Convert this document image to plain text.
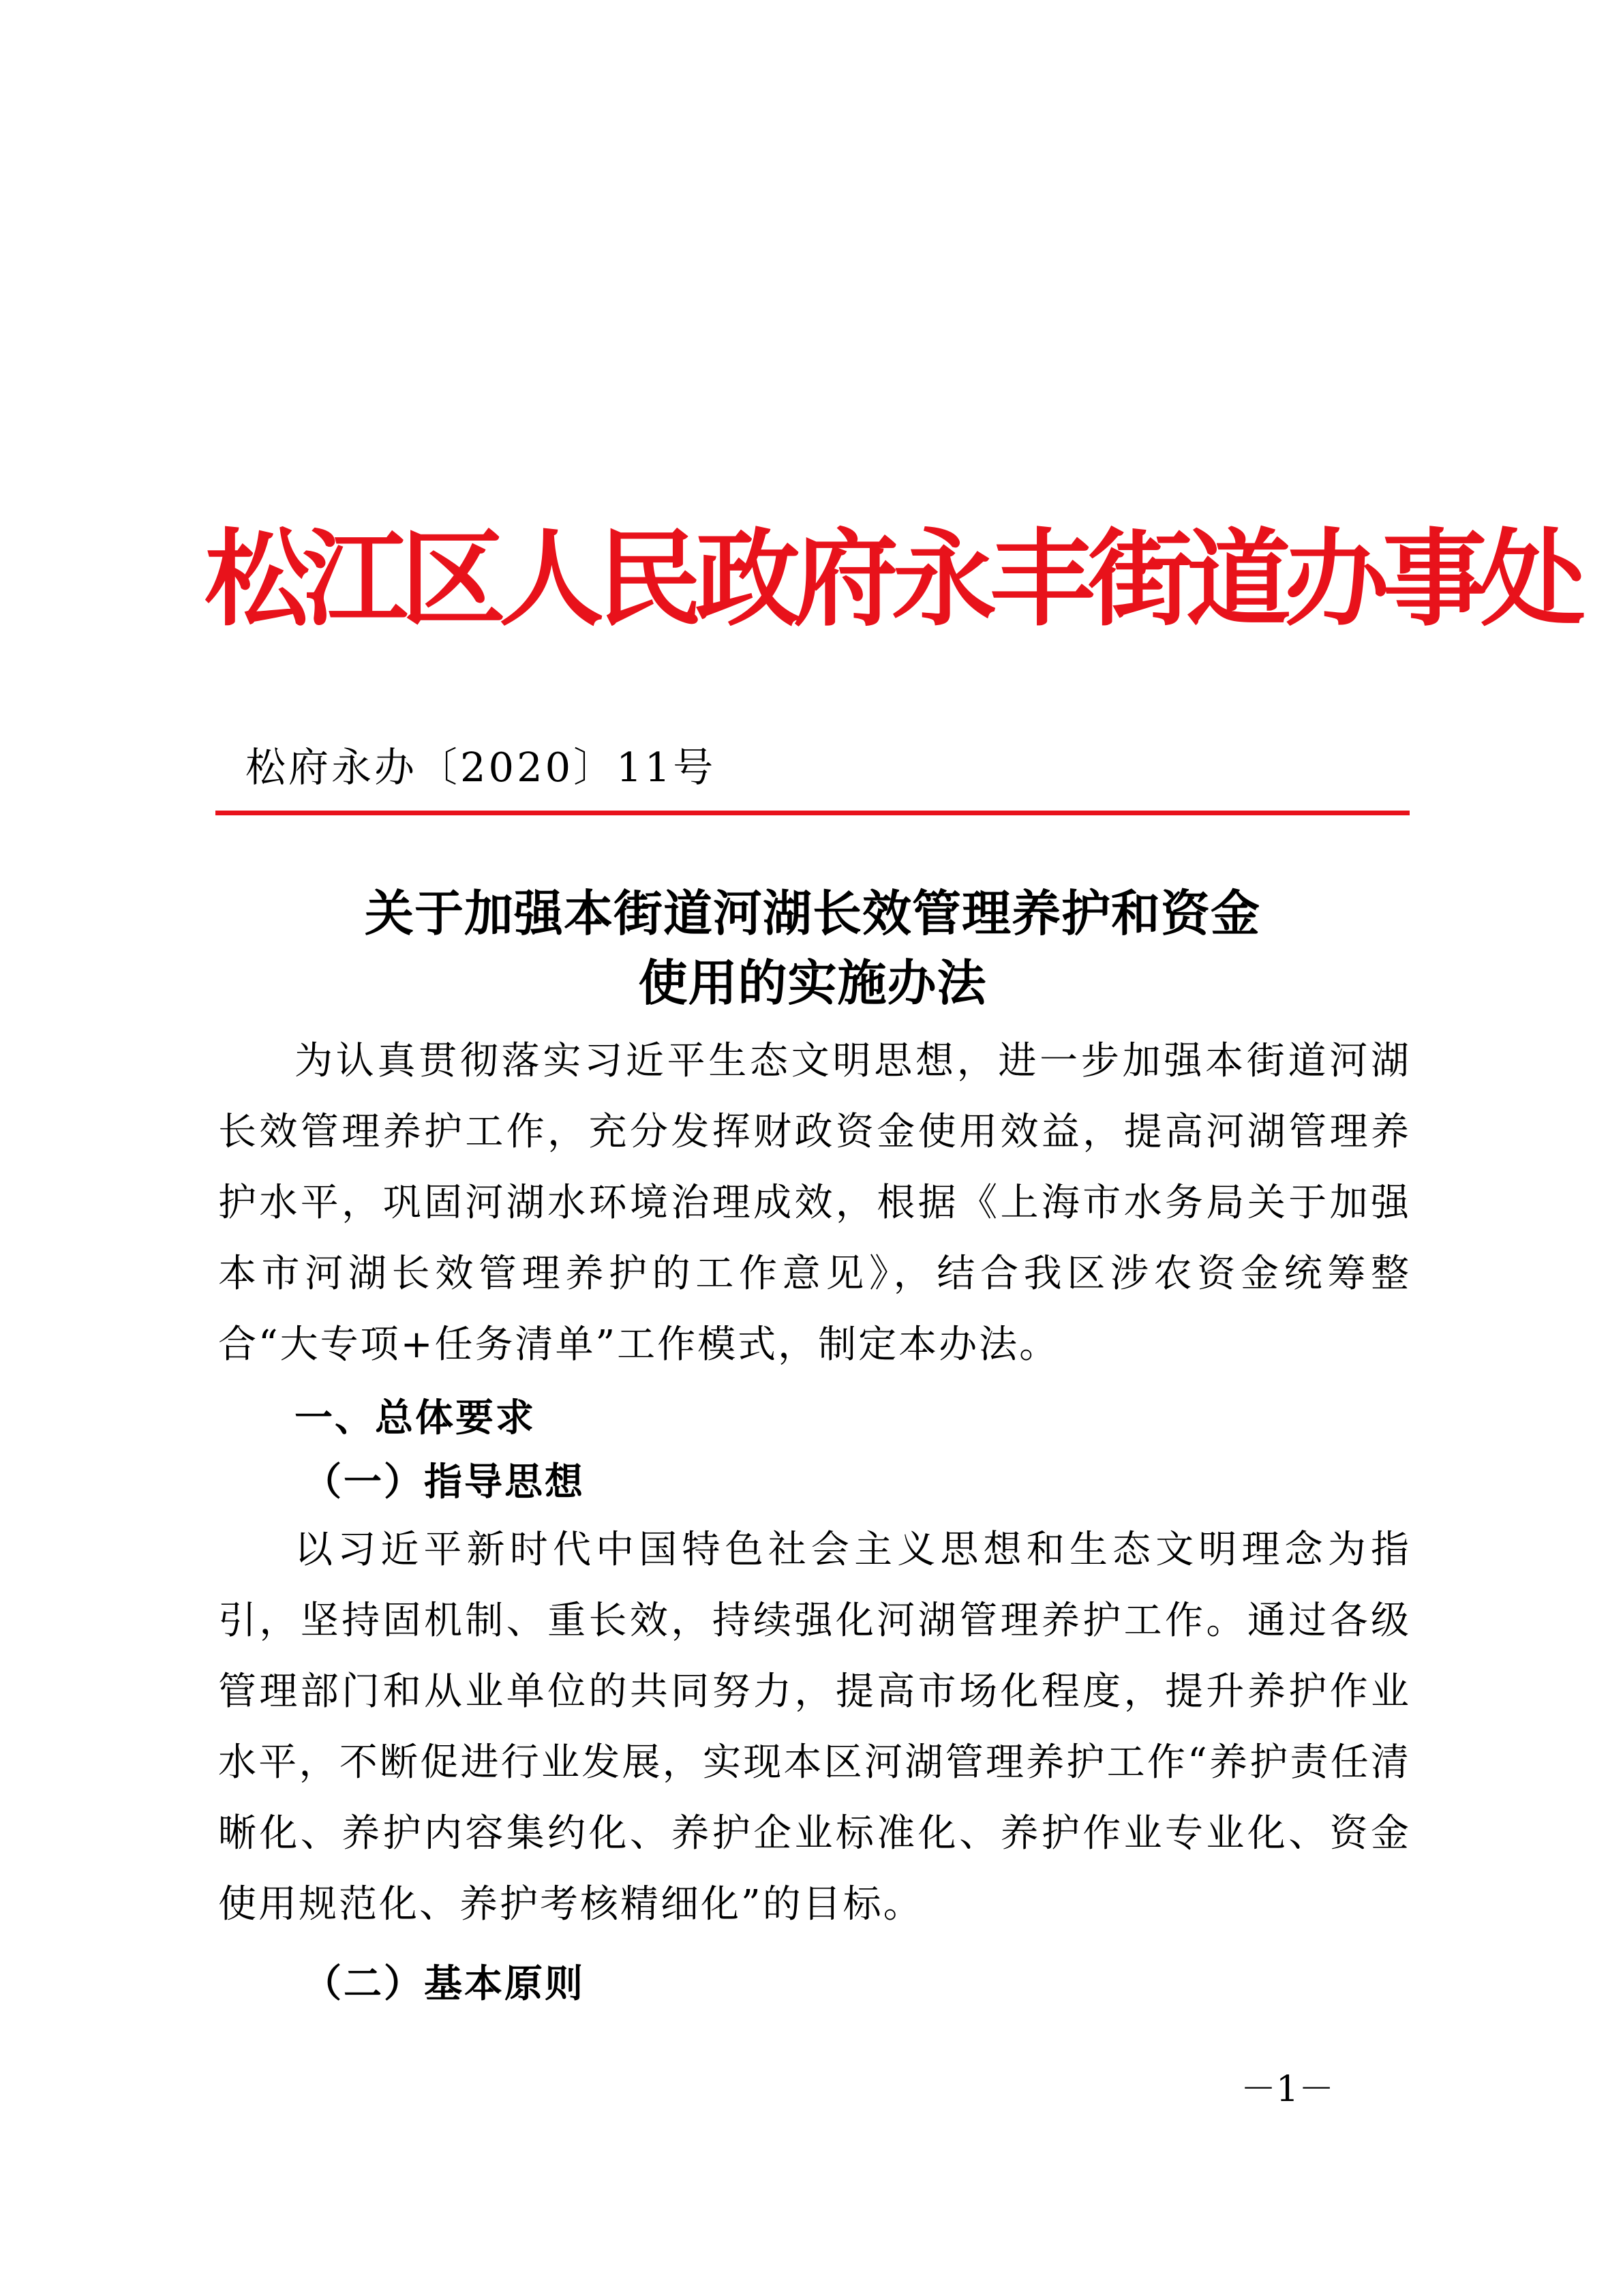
松江区人民政府永丰街道办事处
松府永办〔2020〕11号
关于加强本街道河湖长效管理养护和资金
使用的实施办法
为认真贯彻落实习近平生态文明思想，进一步加强本街道河湖长效管理养护工作，充分发挥财政资金使用效益，提高河湖管理养护水平，巩固河湖水环境治理成效，根据《上海市水务局关于加强本市河湖长效管理养护的工作意见》，结合我区涉农资金统筹整合“大专项+任务清单”工作模式，制定本办法。
一、总体要求
（一）指导思想
以习近平新时代中国特色社会主义思想和生态文明理念为指引，坚持固机制、重长效，持续强化河湖管理养护工作。通过各级管理部门和从业单位的共同努力，提高市场化程度，提升养护作业水平，不断促进行业发展，实现本区河湖管理养护工作“养护责任清晰化、养护内容集约化、养护企业标准化、养护作业专业化、资金使用规范化、养护考核精细化”的目标。
（二）基本原则
－1－
